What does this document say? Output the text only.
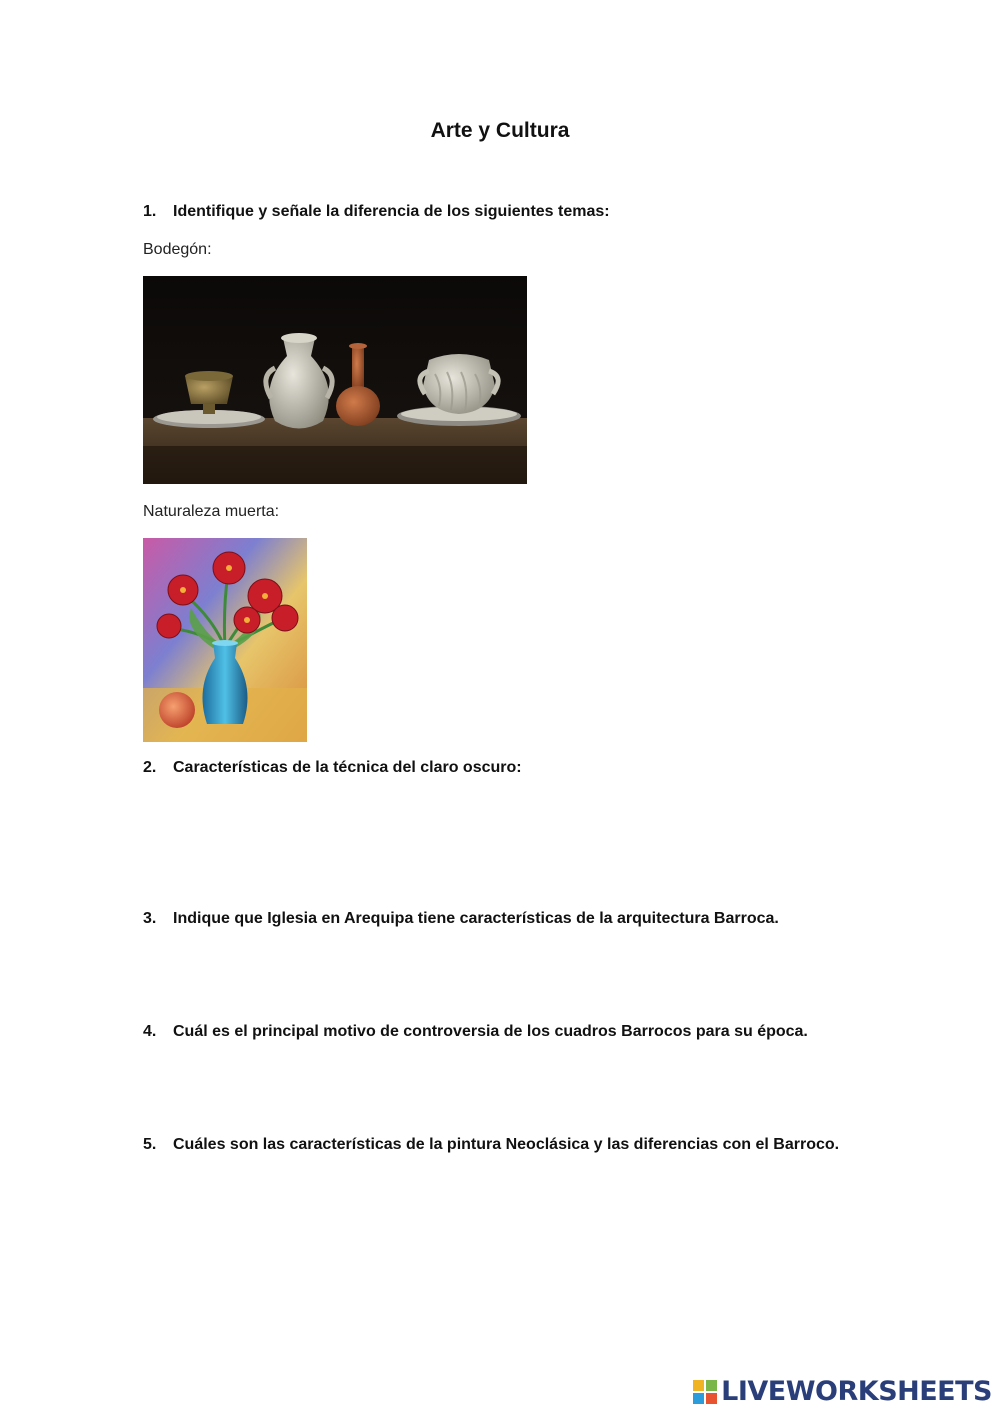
Arte y Cultura
1.	Identifique y señale la diferencia de los siguientes temas:
Bodegón:
Naturaleza muerta:
2.	Características de la técnica del claro oscuro:
3.	Indique que Iglesia en Arequipa tiene características de la arquitectura Barroca.
4.	Cuál es el principal motivo de controversia de los cuadros Barrocos para su época.
5.	Cuáles son las características de la pintura Neoclásica y las diferencias con el Barroco.
LIVEWORKSHEETS
